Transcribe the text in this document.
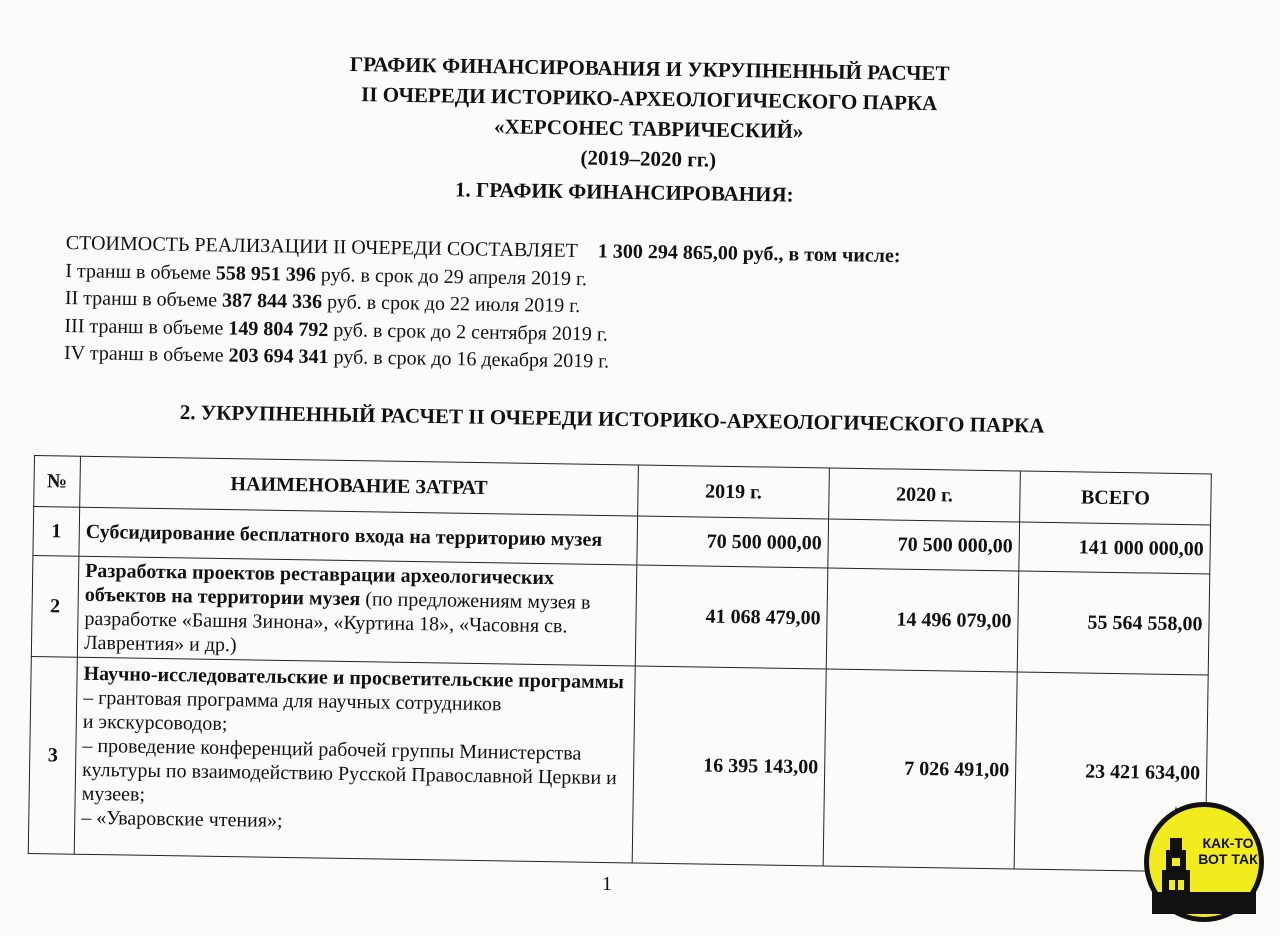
ГРАФИК ФИНАНСИРОВАНИЯ И УКРУПНЕННЫЙ РАСЧЕТ
II ОЧЕРЕДИ ИСТОРИКО-АРХЕОЛОГИЧЕСКОГО ПАРКА
«ХЕРСОНЕС ТАВРИЧЕСКИЙ»
(2019–2020 гг.)
1. ГРАФИК ФИНАНСИРОВАНИЯ:
СТОИМОСТЬ РЕАЛИЗАЦИИ II ОЧЕРЕДИ СОСТАВЛЯЕТ 1 300 294 865,00 руб., в том числе:
I транш в объеме 558 951 396 руб. в срок до 29 апреля 2019 г.
II транш в объеме 387 844 336 руб. в срок до 22 июля 2019 г.
III транш в объеме 149 804 792 руб. в срок до 2 сентября 2019 г.
IV транш в объеме 203 694 341 руб. в срок до 16 декабря 2019 г.
2. УКРУПНЕННЫЙ РАСЧЕТ II ОЧЕРЕДИ ИСТОРИКО-АРХЕОЛОГИЧЕСКОГО ПАРКА
№	НАИМЕНОВАНИЕ ЗАТРАТ	2019 г.	2020 г.	ВСЕГО
1	Субсидирование бесплатного входа на территорию музея	70 500 000,00	70 500 000,00	141 000 000,00
2	Разработка проектов реставрации археологических объектов на территории музея (по предложениям музея в разработке «Башня Зинона», «Куртина 18», «Часовня св. Лаврентия» и др.)	41 068 479,00	14 496 079,00	55 564 558,00
3	Научно-исследовательские и просветительские программы
– грантовая программа для научных сотрудников
и экскурсоводов;
– проведение конференций рабочей группы Министерства культуры по взаимодействию Русской Православной Церкви и музеев;
– «Уваровские чтения»;	16 395 143,00	7 026 491,00	23 421 634,00
1
КАК-ТО
ВОТ ТАК
